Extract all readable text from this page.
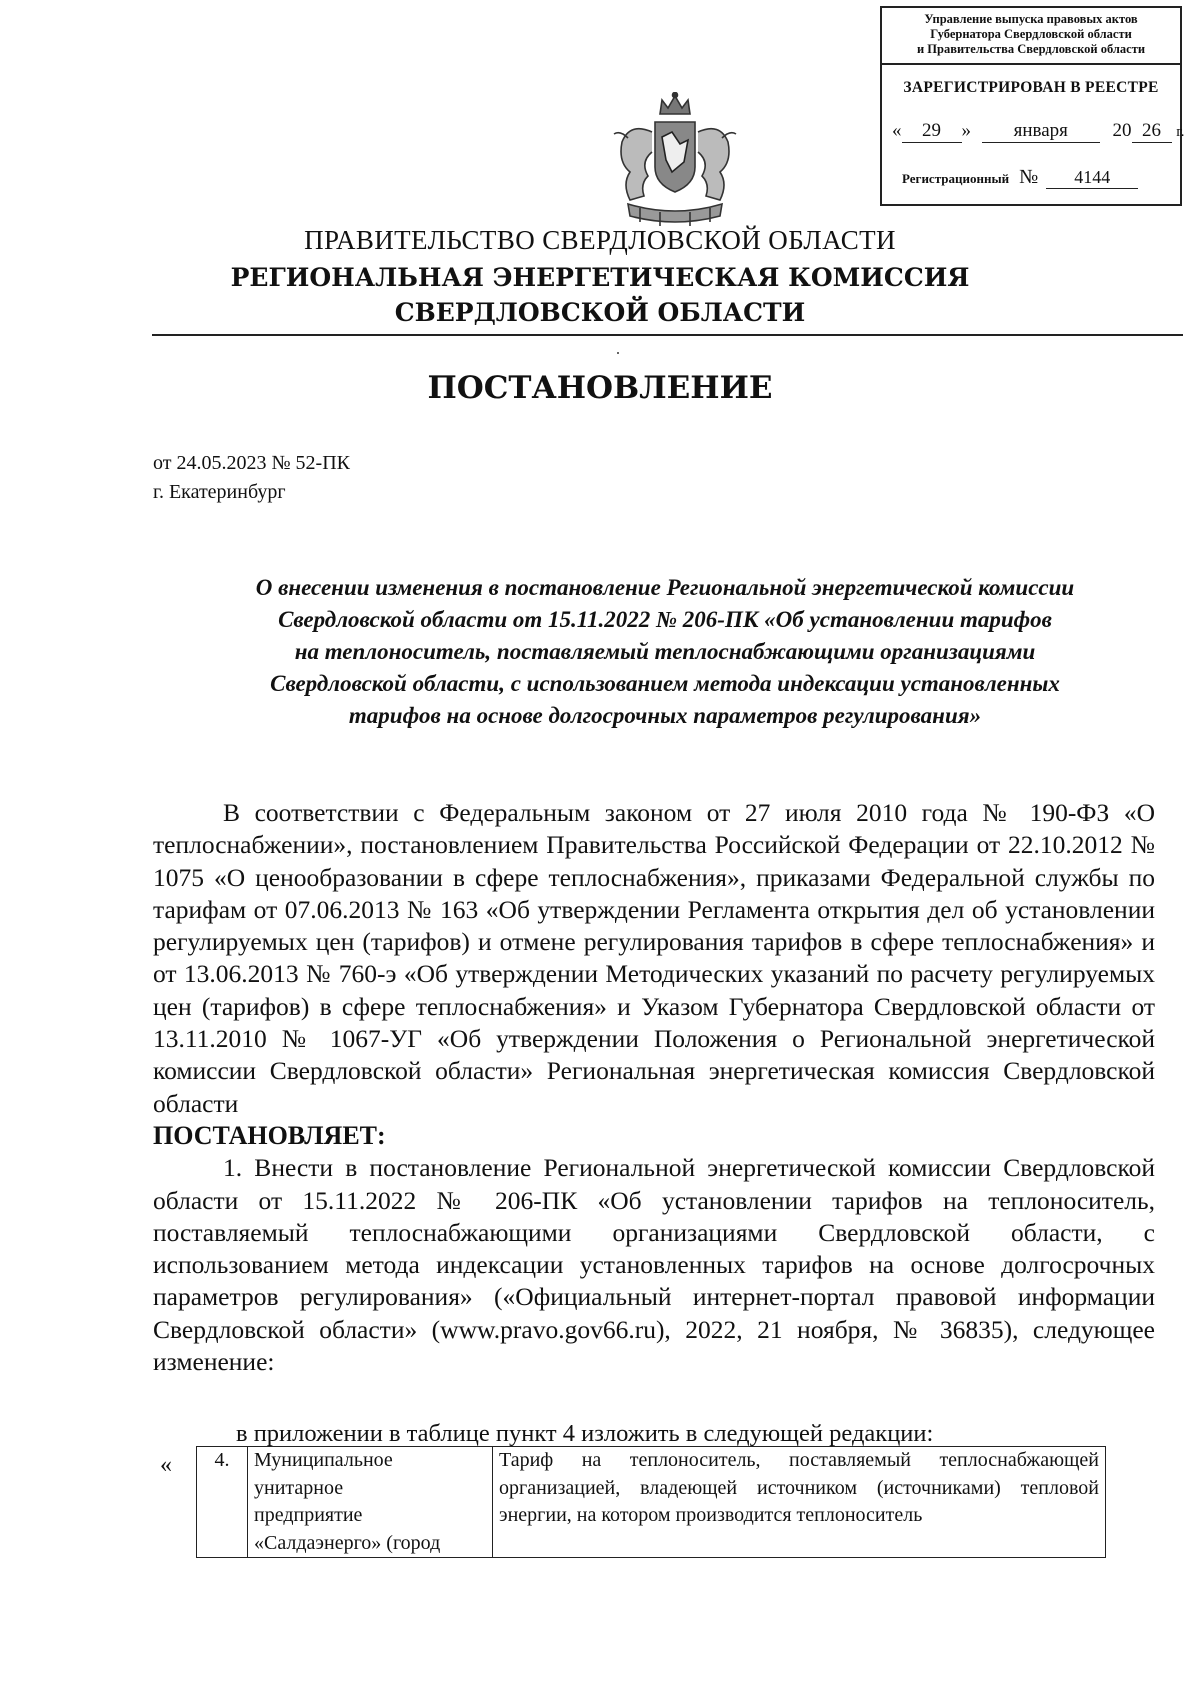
Управление выпуска правовых актов
Губернатора Свердловской области
и Правительства Свердловской области
ЗАРЕГИСТРИРОВАН В РЕЕСТРЕ
« 29 » января 20 26 г.
Регистрационный № 4144
ПРАВИТЕЛЬСТВО СВЕРДЛОВСКОЙ ОБЛАСТИ
РЕГИОНАЛЬНАЯ ЭНЕРГЕТИЧЕСКАЯ КОМИССИЯ
СВЕРДЛОВСКОЙ ОБЛАСТИ
ПОСТАНОВЛЕНИЕ
от 24.05.2023 № 52-ПК
г. Екатеринбург
О внесении изменения в постановление Региональной энергетической комиссии
Свердловской области от 15.11.2022 № 206-ПК «Об установлении тарифов
на теплоноситель, поставляемый теплоснабжающими организациями
Свердловской области, с использованием метода индексации установленных
тарифов на основе долгосрочных параметров регулирования»

В соответствии с Федеральным законом от 27 июля 2010 года № 190-ФЗ «О теплоснабжении», постановлением Правительства Российской Федерации от 22.10.2012 № 1075 «О ценообразовании в сфере теплоснабжения», приказами Федеральной службы по тарифам от 07.06.2013 № 163 «Об утверждении Регламента открытия дел об установлении регулируемых цен (тарифов) и отмене регулирования тарифов в сфере теплоснабжения» и от 13.06.2013 № 760-э «Об утверждении Методических указаний по расчету регулируемых цен (тарифов) в сфере теплоснабжения» и Указом Губернатора Свердловской области от 13.11.2010 № 1067-УГ «Об утверждении Положения о Региональной энергетической комиссии Свердловской области» Региональная энергетическая комиссия Свердловской области

ПОСТАНОВЛЯЕТ:

1. Внести в постановление Региональной энергетической комиссии Свердловской области от 15.11.2022 № 206-ПК «Об установлении тарифов на теплоноситель, поставляемый теплоснабжающими организациями Свердловской области, с использованием метода индексации установленных тарифов на основе долгосрочных параметров регулирования» («Официальный интернет-портал правовой информации Свердловской области» (www.pravo.gov66.ru), 2022, 21 ноября, № 36835), следующее изменение:

в приложении в таблице пункт 4 изложить в следующей редакции:
« 4.	Муниципальное
унитарное
предприятие
«Салдаэнерго» (город
	Тариф на теплоноситель, поставляемый теплоснабжающей организацией, владеющей источником (источниками) тепловой энергии, на котором производится теплоноситель
